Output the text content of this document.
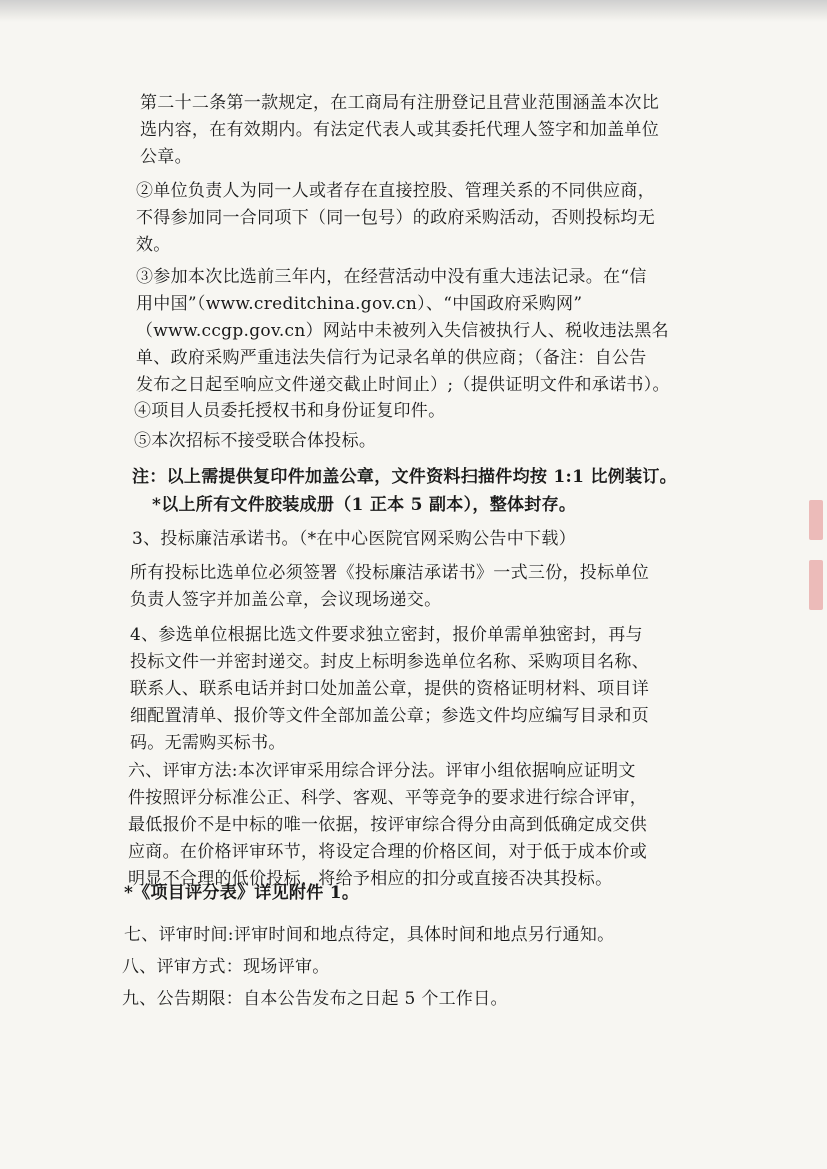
第二十二条第一款规定，在工商局有注册登记且营业范围涵盖本次比
选内容，在有效期内。有法定代表人或其委托代理人签字和加盖单位
公章。

②单位负责人为同一人或者存在直接控股、管理关系的不同供应商，
不得参加同一合同项下（同一包号）的政府采购活动，否则投标均无
效。

③参加本次比选前三年内，在经营活动中没有重大违法记录。在“信
用中国”（www.creditchina.gov.cn）、“中国政府采购网”
（www.ccgp.gov.cn）网站中未被列入失信被执行人、税收违法黑名
单、政府采购严重违法失信行为记录名单的供应商；（备注：自公告
发布之日起至响应文件递交截止时间止）;（提供证明文件和承诺书）。

④项目人员委托授权书和身份证复印件。

⑤本次招标不接受联合体投标。

注：以上需提供复印件加盖公章，文件资料扫描件均按 1:1 比例装订。

*以上所有文件胶装成册（1 正本 5 副本），整体封存。

3、投标廉洁承诺书。（*在中心医院官网采购公告中下载）

所有投标比选单位必须签署《投标廉洁承诺书》一式三份，投标单位
负责人签字并加盖公章，会议现场递交。

4、参选单位根据比选文件要求独立密封，报价单需单独密封，再与
投标文件一并密封递交。封皮上标明参选单位名称、采购项目名称、
联系人、联系电话并封口处加盖公章，提供的资格证明材料、项目详
细配置清单、报价等文件全部加盖公章；参选文件均应编写目录和页
码。无需购买标书。

六、评审方法:本次评审采用综合评分法。评审小组依据响应证明文
件按照评分标准公正、科学、客观、平等竞争的要求进行综合评审，
最低报价不是中标的唯一依据，按评审综合得分由高到低确定成交供
应商。在价格评审环节，将设定合理的价格区间，对于低于成本价或
明显不合理的低价投标，将给予相应的扣分或直接否决其投标。

*《项目评分表》详见附件 1。

七、评审时间:评审时间和地点待定，具体时间和地点另行通知。

八、评审方式：现场评审。

九、公告期限：自本公告发布之日起 5 个工作日。
